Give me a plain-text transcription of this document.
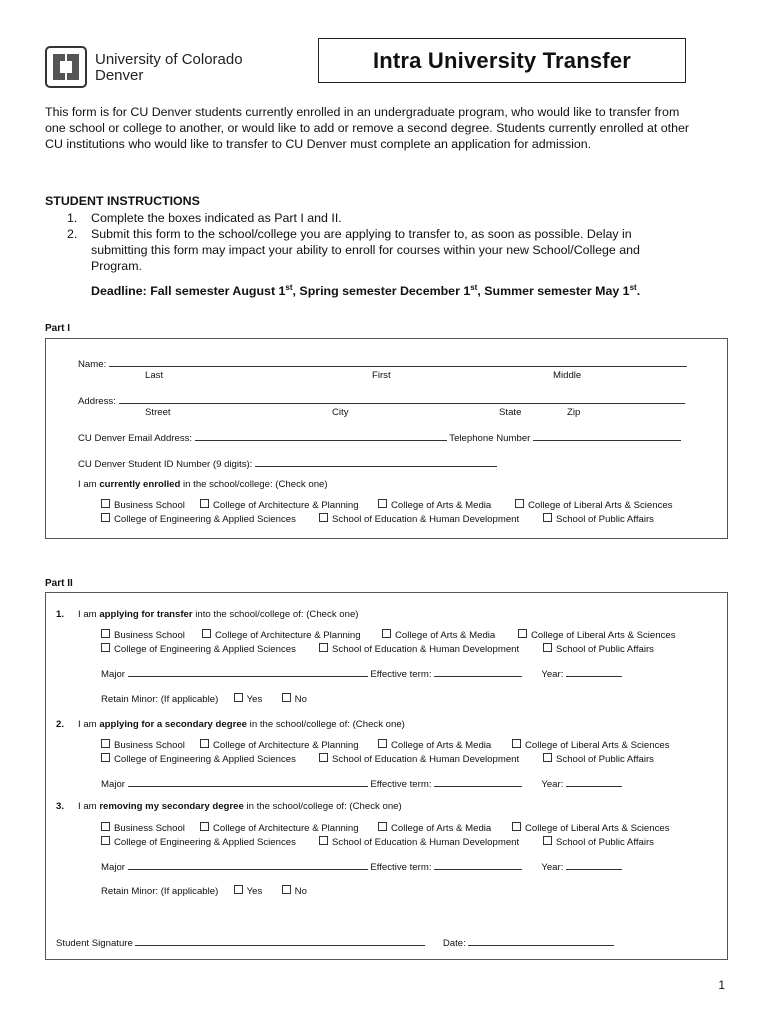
University of Colorado
Denver
Intra University Transfer
This form is for CU Denver students currently enrolled in an undergraduate program, who would like to transfer from one school or college to another, or would like to add or remove a second degree. Students currently enrolled at other CU institutions who would like to transfer to CU Denver must complete an application for admission.
STUDENT INSTRUCTIONS
1. Complete the boxes indicated as Part I and II.
2. Submit this form to the school/college you are applying to transfer to, as soon as possible. Delay in submitting this form may impact your ability to enroll for courses within your new School/College and Program.
Deadline: Fall semester August 1st, Spring semester December 1st, Summer semester May 1st.
Part I
Name:
Last	First	Middle
Address:
Street	City	State	Zip
CU Denver Email Address:	Telephone Number
CU Denver Student ID Number (9 digits):
I am currently enrolled in the school/college: (Check one)
Business School	College of Architecture & Planning	College of Arts & Media	College of Liberal Arts & Sciences
College of Engineering & Applied Sciences	School of Education & Human Development	School of Public Affairs
Part II
1. I am applying for transfer into the school/college of: (Check one)
Business School	College of Architecture & Planning	College of Arts & Media	College of Liberal Arts & Sciences
College of Engineering & Applied Sciences	School of Education & Human Development	School of Public Affairs
Major	Effective term:	Year:
Retain Minor: (If applicable)	Yes	No
2. I am applying for a secondary degree in the school/college of: (Check one)
Business School	College of Architecture & Planning	College of Arts & Media	College of Liberal Arts & Sciences
College of Engineering & Applied Sciences	School of Education & Human Development	School of Public Affairs
Major	Effective term:	Year:
3. I am removing my secondary degree in the school/college of: (Check one)
Business School	College of Architecture & Planning	College of Arts & Media	College of Liberal Arts & Sciences
College of Engineering & Applied Sciences	School of Education & Human Development	School of Public Affairs
Major	Effective term:	Year:
Retain Minor: (If applicable)	Yes	No
Student Signature	Date:
1
